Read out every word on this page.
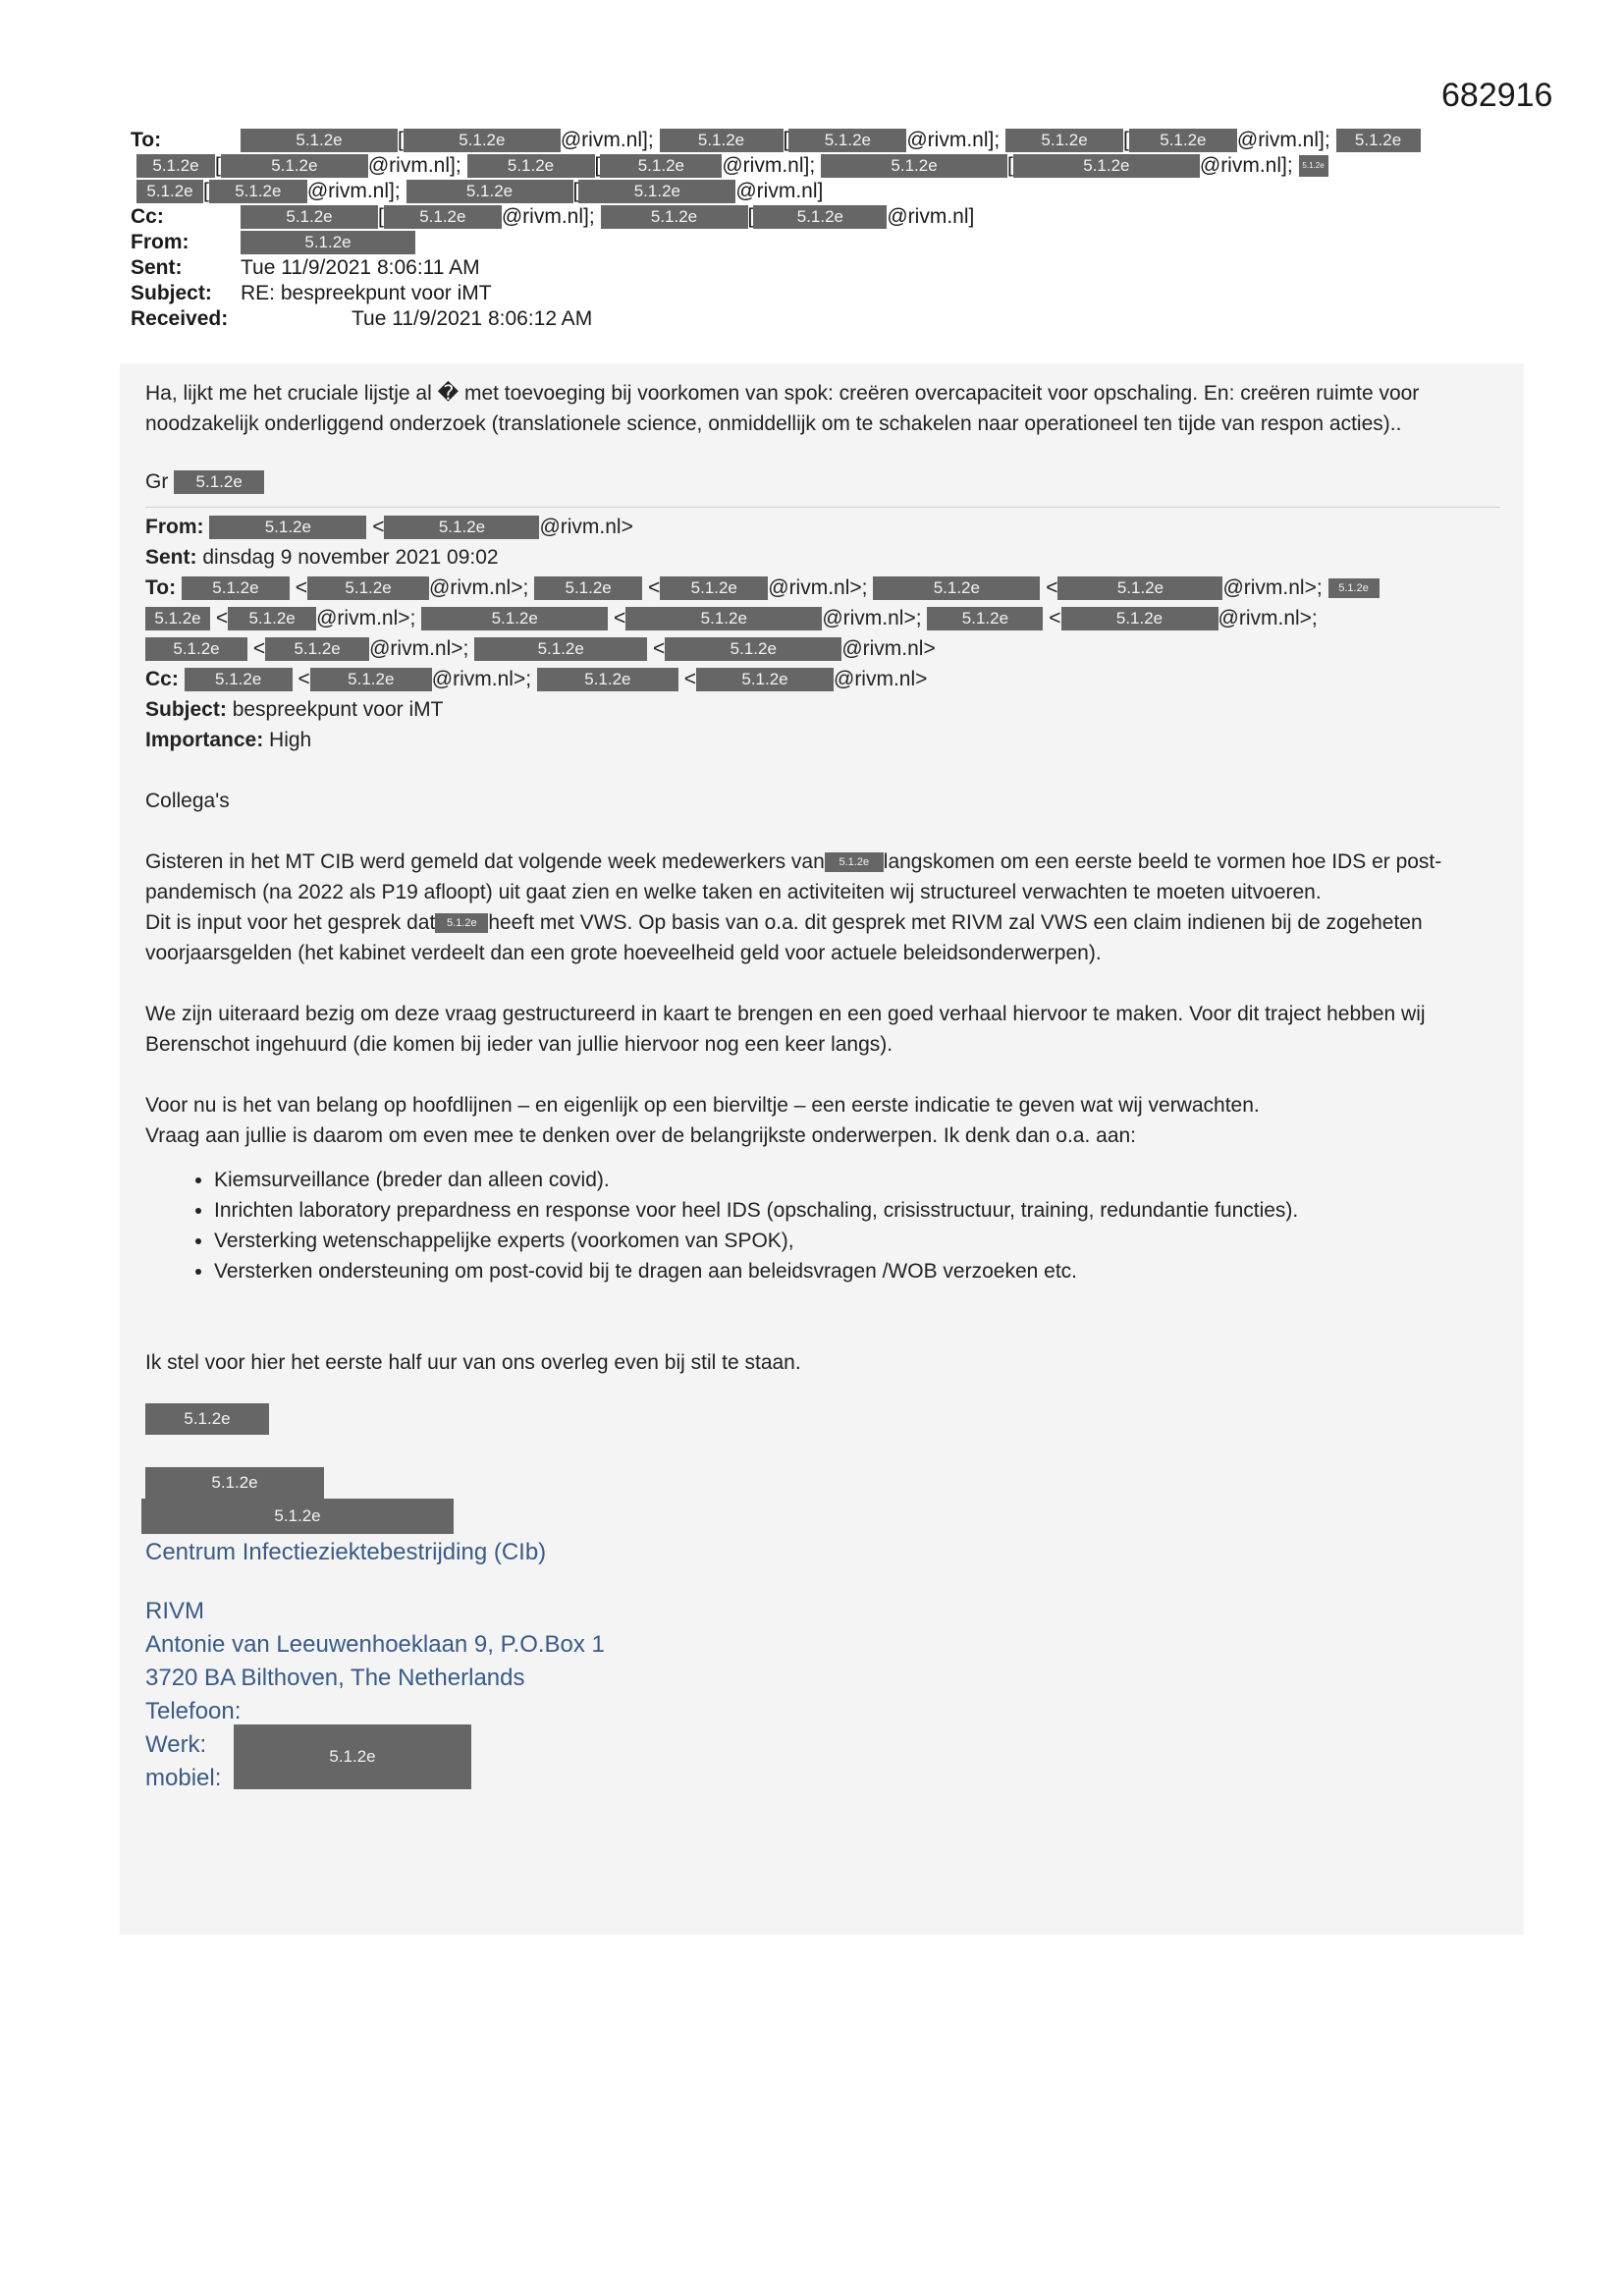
682916
To:	5.1.2e	[	5.1.2e	@rivm.nl];	5.1.2e [ 5.1.2e @rivm.nl]; 5.1.2e [ 5.1.2e @rivm.nl]; 5.1.2e
5.1.2e [	5.1.2e @rivm.nl];	5.1.2e [ 5.1.2e @rivm.nl];	5.1.2e	[	5.1.2e	@rivm.nl]; 5.1.2e
5.1.2e [ 5.1.2e @rivm.nl];	5.1.2e	[	5.1.2e	@rivm.nl]
Cc:	5.1.2e [ 5.1.2e @rivm.nl];	5.1.2e [	5.1.2e @rivm.nl]
From:	5.1.2e
Sent:	Tue 11/9/2021 8:06:11 AM
Subject: RE: bespreekpunt voor iMT
Received:	Tue 11/9/2021 8:06:12 AM

Ha, lijkt me het cruciale lijstje al � met toevoeging bij voorkomen van spok: creëren overcapaciteit voor opschaling. En: creëren ruimte voor noodzakelijk onderliggend onderzoek (translationele science, onmiddellijk om te schakelen naar operationeel ten tijde van respon acties)..

Gr 5.1.2e

From:	5.1.2e	<	5.1.2e	@rivm.nl>
Sent: dinsdag 9 november 2021 09:02
To: 5.1.2e < 5.1.2e @rivm.nl>; 5.1.2e < 5.1.2e @rivm.nl>;	5.1.2e	<	5.1.2e	@rivm.nl>; 5.1.2e
5.1.2e < 5.1.2e @rivm.nl>;	5.1.2e	<	5.1.2e	@rivm.nl>; 5.1.2e <	5.1.2e	@rivm.nl>;
5.1.2e < 5.1.2e @rivm.nl>;	5.1.2e	<	5.1.2e	@rivm.nl>
Cc: 5.1.2e < 5.1.2e @rivm.nl>;	5.1.2e	<	5.1.2e @rivm.nl>
Subject: bespreekpunt voor iMT
Importance: High

Collega's

Gisteren in het MT CIB werd gemeld dat volgende week medewerkers van 5.1.2e langskomen om een eerste beeld te vormen hoe IDS er post-pandemisch (na 2022 als P19 afloopt) uit gaat zien en welke taken en activiteiten wij structureel verwachten te moeten uitvoeren.

Dit is input voor het gesprek dat 5.1.2e heeft met VWS. Op basis van o.a. dit gesprek met RIVM zal VWS een claim indienen bij de zogeheten voorjaarsgelden (het kabinet verdeelt dan een grote hoeveelheid geld voor actuele beleidsonderwerpen).

We zijn uiteraard bezig om deze vraag gestructureerd in kaart te brengen en een goed verhaal hiervoor te maken. Voor dit traject hebben wij Berenschot ingehuurd (die komen bij ieder van jullie hiervoor nog een keer langs).

Voor nu is het van belang op hoofdlijnen – en eigenlijk op een bierviltje – een eerste indicatie te geven wat wij verwachten.

Vraag aan jullie is daarom om even mee te denken over de belangrijkste onderwerpen. Ik denk dan o.a. aan:

• Kiemsurveillance (breder dan alleen covid).
• Inrichten laboratory prepardness en response voor heel IDS (opschaling, crisisstructuur, training, redundantie functies).
• Versterking wetenschappelijke experts (voorkomen van SPOK),
• Versterken ondersteuning om post-covid bij te dragen aan beleidsvragen /WOB verzoeken etc.

Ik stel voor hier het eerste half uur van ons overleg even bij stil te staan.

5.1.2e
5.1.2e
5.1.2e
Centrum Infectieziektebestrijding (CIb)
RIVM
Antonie van Leeuwenhoeklaan 9, P.O.Box 1
3720 BA Bilthoven, The Netherlands
Telefoon:
Werk:
mobiel:
5.1.2e
